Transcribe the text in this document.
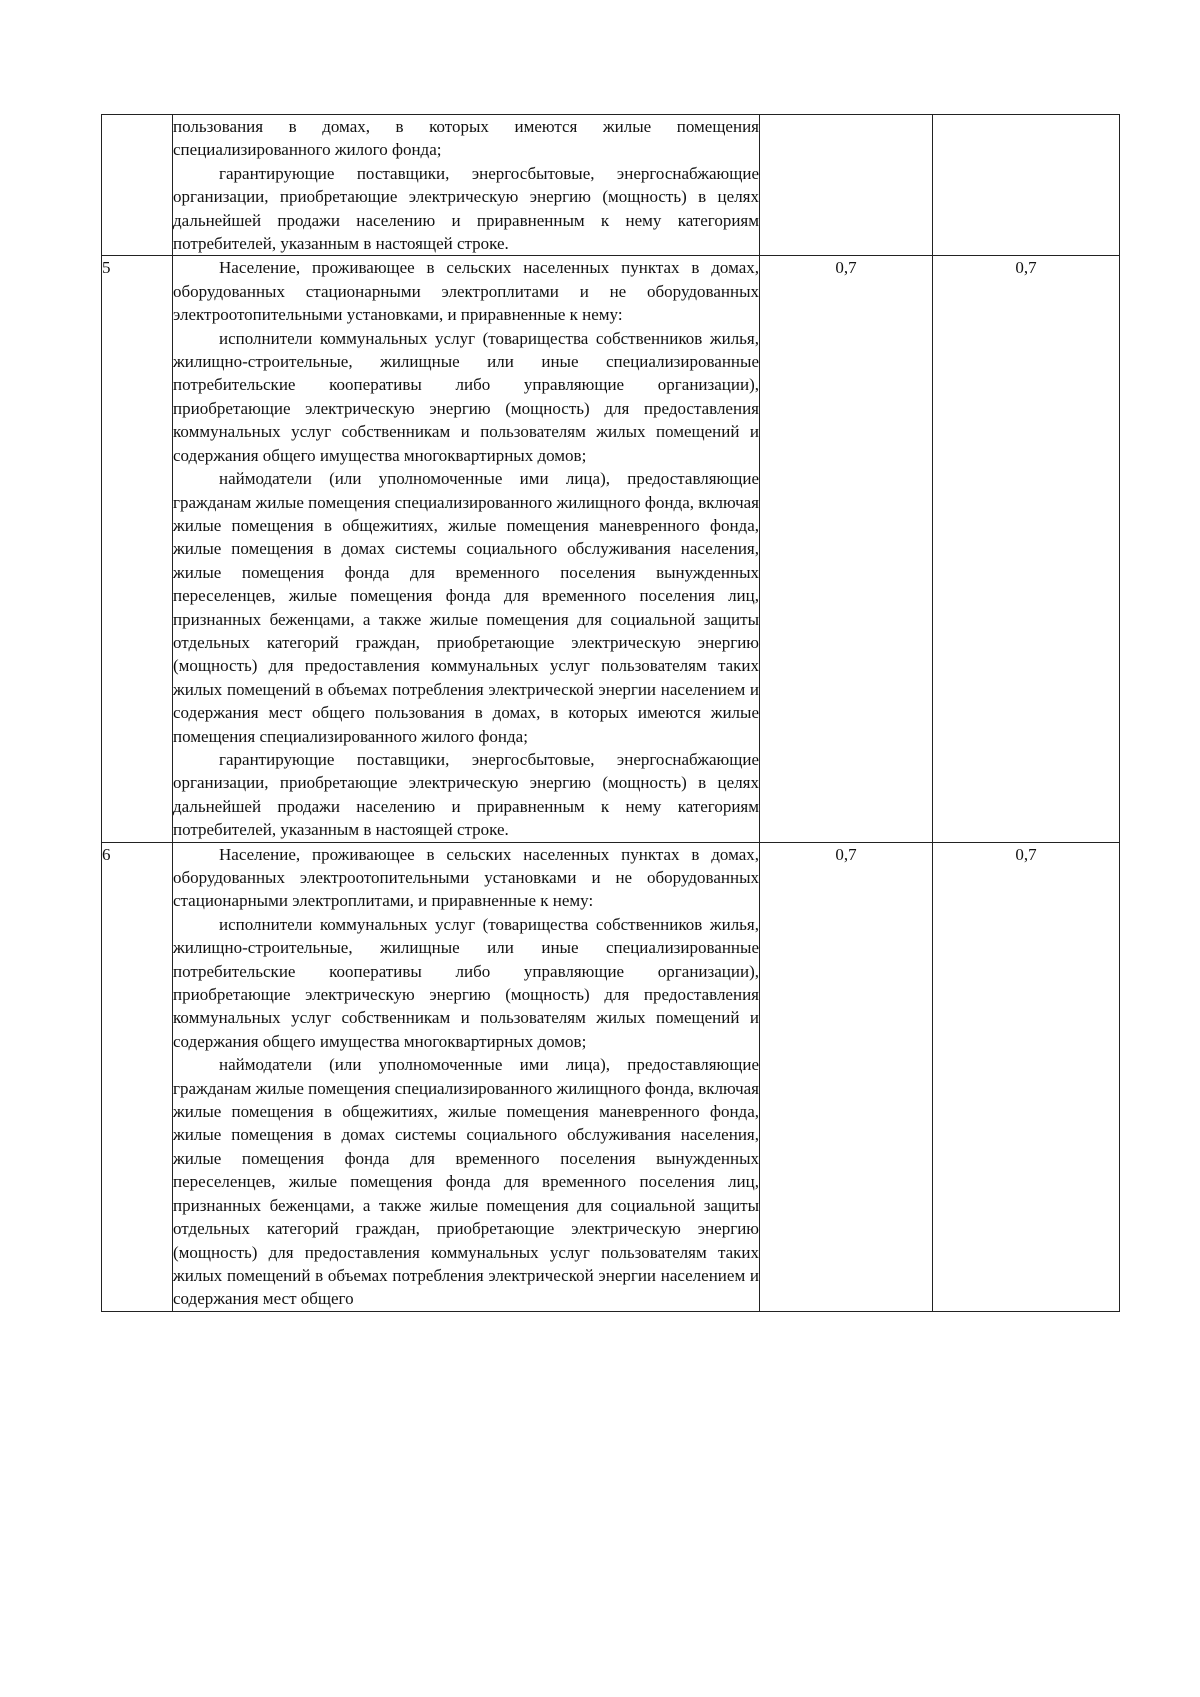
	пользования в домах, в которых имеются жилые помещения специализированного жилого фонда;

гарантирующие поставщики, энергосбытовые, энергоснабжающие организации, приобретающие электрическую энергию (мощность) в целях дальнейшей продажи населению и приравненным к нему категориям потребителей, указанным в настоящей строке.		

5	Население, проживающее в сельских населенных пунктах в домах, оборудованных стационарными электроплитами и не оборудованных электроотопительными установками, и приравненные к нему:

исполнители коммунальных услуг (товарищества собственников жилья, жилищно-строительные, жилищные или иные специализированные потребительские кооперативы либо управляющие организации), приобретающие электрическую энергию (мощность) для предоставления коммунальных услуг собственникам и пользователям жилых помещений и содержания общего имущества многоквартирных домов;

наймодатели (или уполномоченные ими лица), предоставляющие гражданам жилые помещения специализированного жилищного фонда, включая жилые помещения в общежитиях, жилые помещения маневренного фонда, жилые помещения в домах системы социального обслуживания населения, жилые помещения фонда для временного поселения вынужденных переселенцев, жилые помещения фонда для временного поселения лиц, признанных беженцами, а также жилые помещения для социальной защиты отдельных категорий граждан, приобретающие электрическую энергию (мощность) для предоставления коммунальных услуг пользователям таких жилых помещений в объемах потребления электрической энергии населением и содержания мест общего пользования в домах, в которых имеются жилые помещения специализированного жилого фонда;

гарантирующие поставщики, энергосбытовые, энергоснабжающие организации, приобретающие электрическую энергию (мощность) в целях дальнейшей продажи населению и приравненным к нему категориям потребителей, указанным в настоящей строке.	0,7	0,7
6	Население, проживающее в сельских населенных пунктах в домах, оборудованных электроотопительными установками и не оборудованных стационарными электроплитами, и приравненные к нему:

исполнители коммунальных услуг (товарищества собственников жилья, жилищно-строительные, жилищные или иные специализированные потребительские кооперативы либо управляющие организации), приобретающие электрическую энергию (мощность) для предоставления коммунальных услуг собственникам и пользователям жилых помещений и содержания общего имущества многоквартирных домов;

наймодатели (или уполномоченные ими лица), предоставляющие гражданам жилые помещения специализированного жилищного фонда, включая жилые помещения в общежитиях, жилые помещения маневренного фонда, жилые помещения в домах системы социального обслуживания населения, жилые помещения фонда для временного поселения вынужденных переселенцев, жилые помещения фонда для временного поселения лиц, признанных беженцами, а также жилые помещения для социальной защиты отдельных категорий граждан, приобретающие электрическую энергию (мощность) для предоставления коммунальных услуг пользователям таких жилых помещений в объемах потребления электрической энергии населением и содержания мест общего	0,7	0,7
